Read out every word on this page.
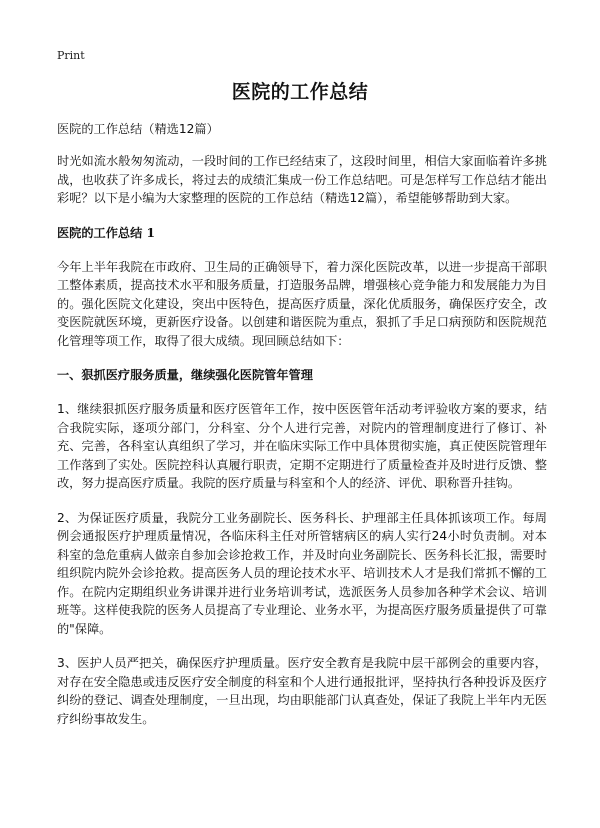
Print
医院的工作总结

医院的工作总结（精选12篇）

时光如流水般匆匆流动，一段时间的工作已经结束了，这段时间里，相信大家面临着许多挑战，也收获了许多成长，将过去的成绩汇集成一份工作总结吧。可是怎样写工作总结才能出彩呢？以下是小编为大家整理的医院的工作总结（精选12篇），希望能够帮助到大家。

医院的工作总结 1

今年上半年我院在市政府、卫生局的正确领导下，着力深化医院改革，以进一步提高干部职工整体素质，提高技术水平和服务质量，打造服务品牌，增强核心竞争能力和发展能力为目的。强化医院文化建设，突出中医特色，提高医疗质量，深化优质服务，确保医疗安全，改变医院就医环境，更新医疗设备。以创建和谐医院为重点，狠抓了手足口病预防和医院规范化管理等项工作，取得了很大成绩。现回顾总结如下：

一、狠抓医疗服务质量，继续强化医院管年管理

1、继续狠抓医疗服务质量和医疗医管年工作，按中医医管年活动考评验收方案的要求，结合我院实际，逐项分部门，分科室、分个人进行完善，对院内的管理制度进行了修订、补充、完善，各科室认真组织了学习，并在临床实际工作中具体贯彻实施，真正使医院管理年工作落到了实处。医院控科认真履行职责，定期不定期进行了质量检查并及时进行反馈、整改，努力提高医疗质量。我院的医疗质量与科室和个人的经济、评优、职称晋升挂钩。

2、为保证医疗质量，我院分工业务副院长、医务科长、护理部主任具体抓该项工作。每周例会通报医疗护理质量情况，各临床科主任对所管辖病区的病人实行24小时负责制。对本科室的急危重病人做亲自参加会诊抢救工作，并及时向业务副院长、医务科长汇报，需要时组织院内院外会诊抢救。提高医务人员的理论技术水平、培训技术人才是我们常抓不懈的工作。在院内定期组织业务讲课并进行业务培训考试，选派医务人员参加各种学术会议、培训班等。这样使我院的医务人员提高了专业理论、业务水平，为提高医疗服务质量提供了可靠的"保障。

3、医护人员严把关，确保医疗护理质量。医疗安全教育是我院中层干部例会的重要内容，对存在安全隐患或违反医疗安全制度的科室和个人进行通报批评，坚持执行各种投诉及医疗纠纷的登记、调查处理制度，一旦出现，均由职能部门认真查处，保证了我院上半年内无医疗纠纷事故发生。
